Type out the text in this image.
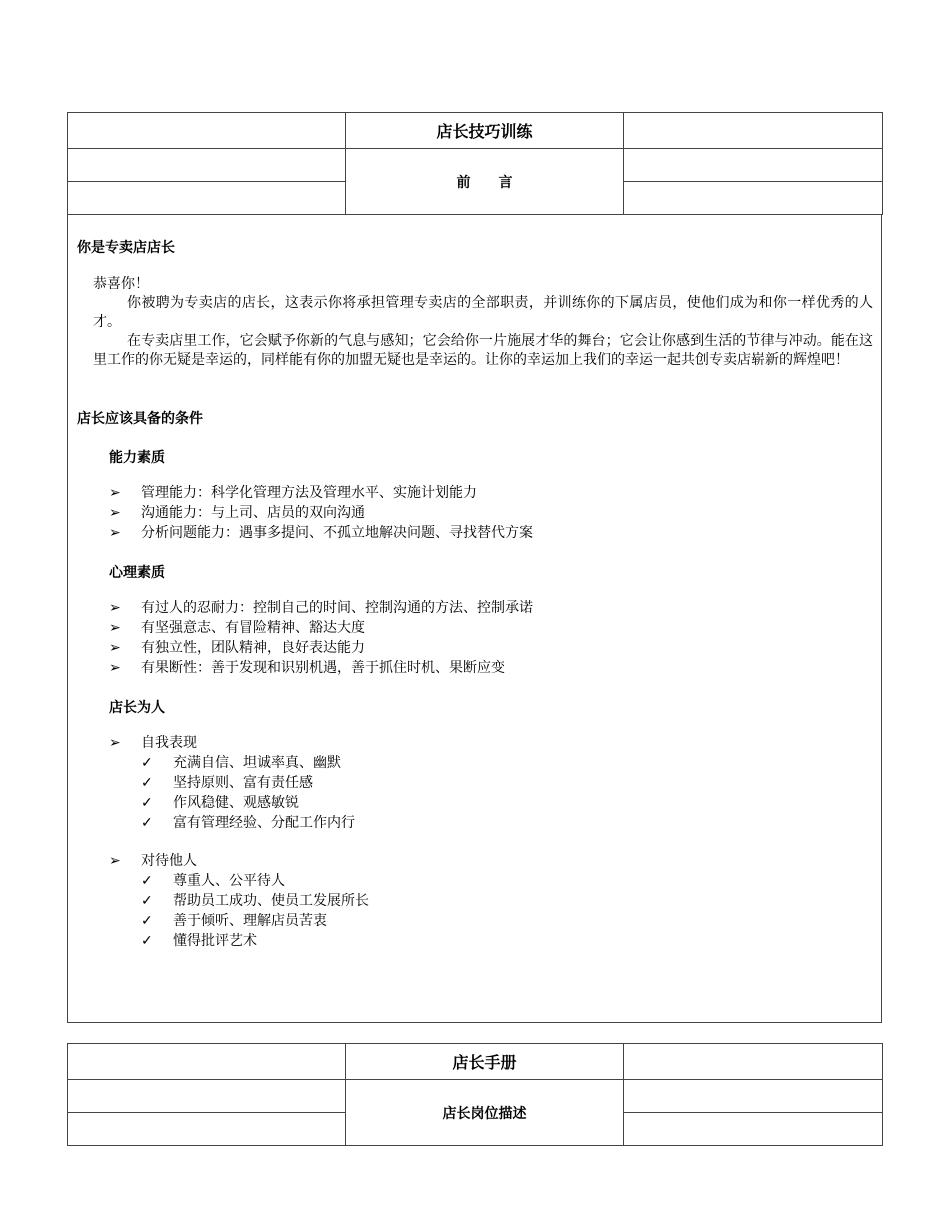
	店长技巧训练	
	前　　言	

你是专卖店店长

恭喜你！

你被聘为专卖店的店长，这表示你将承担管理专卖店的全部职责，并训练你的下属店员，使他们成为和你一样优秀的人才。

在专卖店里工作，它会赋予你新的气息与感知；它会给你一片施展才华的舞台；它会让你感到生活的节律与冲动。能在这里工作的你无疑是幸运的，同样能有你的加盟无疑也是幸运的。让你的幸运加上我们的幸运一起共创专卖店崭新的辉煌吧！

店长应该具备的条件
能力素质
➢ 管理能力：科学化管理方法及管理水平、实施计划能力
➢ 沟通能力：与上司、店员的双向沟通
➢ 分析问题能力：遇事多提问、不孤立地解决问题、寻找替代方案
心理素质
➢ 有过人的忍耐力：控制自己的时间、控制沟通的方法、控制承诺
➢ 有坚强意志、有冒险精神、豁达大度
➢ 有独立性，团队精神，良好表达能力
➢ 有果断性：善于发现和识别机遇，善于抓住时机、果断应变
店长为人
➢ 自我表现
✓ 充满自信、坦诚率真、幽默
✓ 坚持原则、富有责任感
✓ 作风稳健、观感敏锐
✓ 富有管理经验、分配工作内行
➢ 对待他人
✓ 尊重人、公平待人
✓ 帮助员工成功、使员工发展所长
✓ 善于倾听、理解店员苦衷
✓ 懂得批评艺术
	店长手册	
	店长岗位描述	
